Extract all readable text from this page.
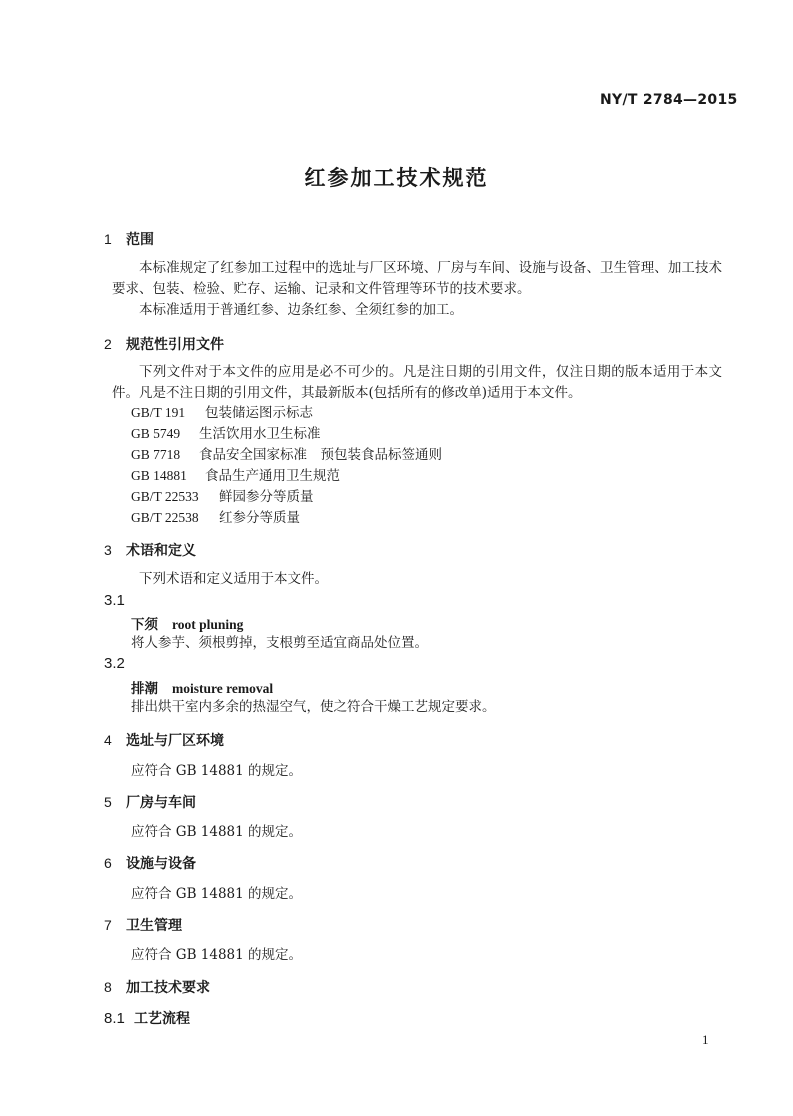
NY/T 2784—2015
红参加工技术规范
1 范围
本标准规定了红参加工过程中的选址与厂区环境、厂房与车间、设施与设备、卫生管理、加工技术要求、包装、检验、贮存、运输、记录和文件管理等环节的技术要求。
本标准适用于普通红参、边条红参、全须红参的加工。
2 规范性引用文件
下列文件对于本文件的应用是必不可少的。凡是注日期的引用文件，仅注日期的版本适用于本文件。凡是不注日期的引用文件，其最新版本(包括所有的修改单)适用于本文件。
GB/T 191 包装储运图示标志
GB 5749 生活饮用水卫生标准
GB 7718 食品安全国家标准　预包装食品标签通则
GB 14881 食品生产通用卫生规范
GB/T 22533 鲜园参分等质量
GB/T 22538 红参分等质量
3 术语和定义
下列术语和定义适用于本文件。
3.1
下须 root pluning
将人参芋、须根剪掉，支根剪至适宜商品处位置。
3.2
排潮 moisture removal
排出烘干室内多余的热湿空气，使之符合干燥工艺规定要求。
4 选址与厂区环境
应符合 GB 14881 的规定。
5 厂房与车间
应符合 GB 14881 的规定。
6 设施与设备
应符合 GB 14881 的规定。
7 卫生管理
应符合 GB 14881 的规定。
8 加工技术要求
8.1 工艺流程
1
